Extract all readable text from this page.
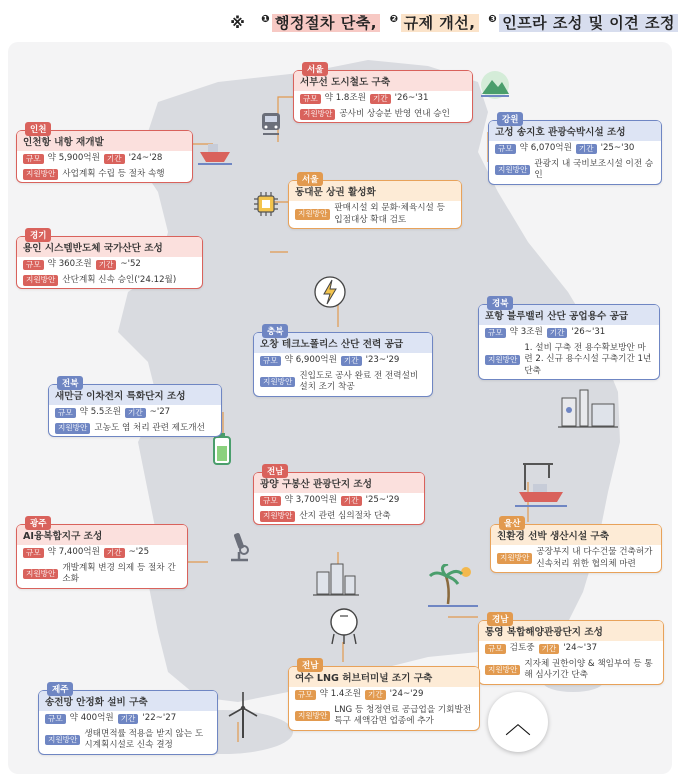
※ $^❶$ 행정절차 단축, $^❷$ 규제 개선, $^❸$ 인프라 조성 및 이견 조정
서울
서부선 도시철도 구축
규모 약 1.8조원 기간 '26~'31
지원방안 공사비 상승분 반영 연내 승인
인천
인천항 내항 재개발
규모 약 5,900억원 기간 '24~'28
지원방안 사업계획 수립 등 절차 속행
강원
고성 송지호 관광숙박시설 조성
규모 약 6,070억원 기간 '25~'30
지원방안
관광지 내 국비보조시설 이전 승인
서울
동대문 상권 활성화
지원방안
판매시설 외 문화·체육시설 등 입점대상 확대 검토
경기
용인 시스템반도체 국가산단 조성
규모 약 360조원 기간 ~'52
지원방안 산단계획 신속 승인('24.12월)
경북
포항 블루밸리 산단 공업용수 공급
규모 약 3조원 기간 '26~'31
지원방안
1. 설비 구축 전 용수확보방안 마련 2. 신규 용수시설 구축기간 1년 단축
충북
오창 테크노폴리스 산단 전력 공급
규모 약 6,900억원 기간 '23~'29
지원방안
진입도로 공사 완료 전 전력설비 설치 조기 착공
전북
새만금 이차전지 특화단지 조성
규모 약 5.5조원 기간 ~'27
지원방안 고농도 염 처리 관련 제도개선
전남
광양 구봉산 관광단지 조성
규모 약 3,700억원 기간 '25~'29
지원방안 산지 관련 심의절차 단축
광주
AI융복합지구 조성
규모 약 7,400억원 기간 ~'25
지원방안
개발계획 변경 의제 등 절차 간소화
울산
친환경 선박 생산시설 구축
지원방안
공장부지 내 다수건물 건축허가 신속처리 위한 협의체 마련
경남
통영 복합해양관광단지 조성
규모 검토중 기간 '24~'37
지원방안
지자체 권한이양 & 책임부여 등 통해 심사기간 단축
제주
송전망 안정화 설비 구축
규모 약 400억원 기간 '22~'27
지원방안
생태면적률 적용을 받지 않는 도시계획시설로 신속 결정
전남
여수 LNG 허브터미널 조기 구축
규모 약 1.4조원 기간 '24~'29
지원방안
LNG 등 청정연료 공급업을 기회발전특구 세액감면 업종에 추가	︿
